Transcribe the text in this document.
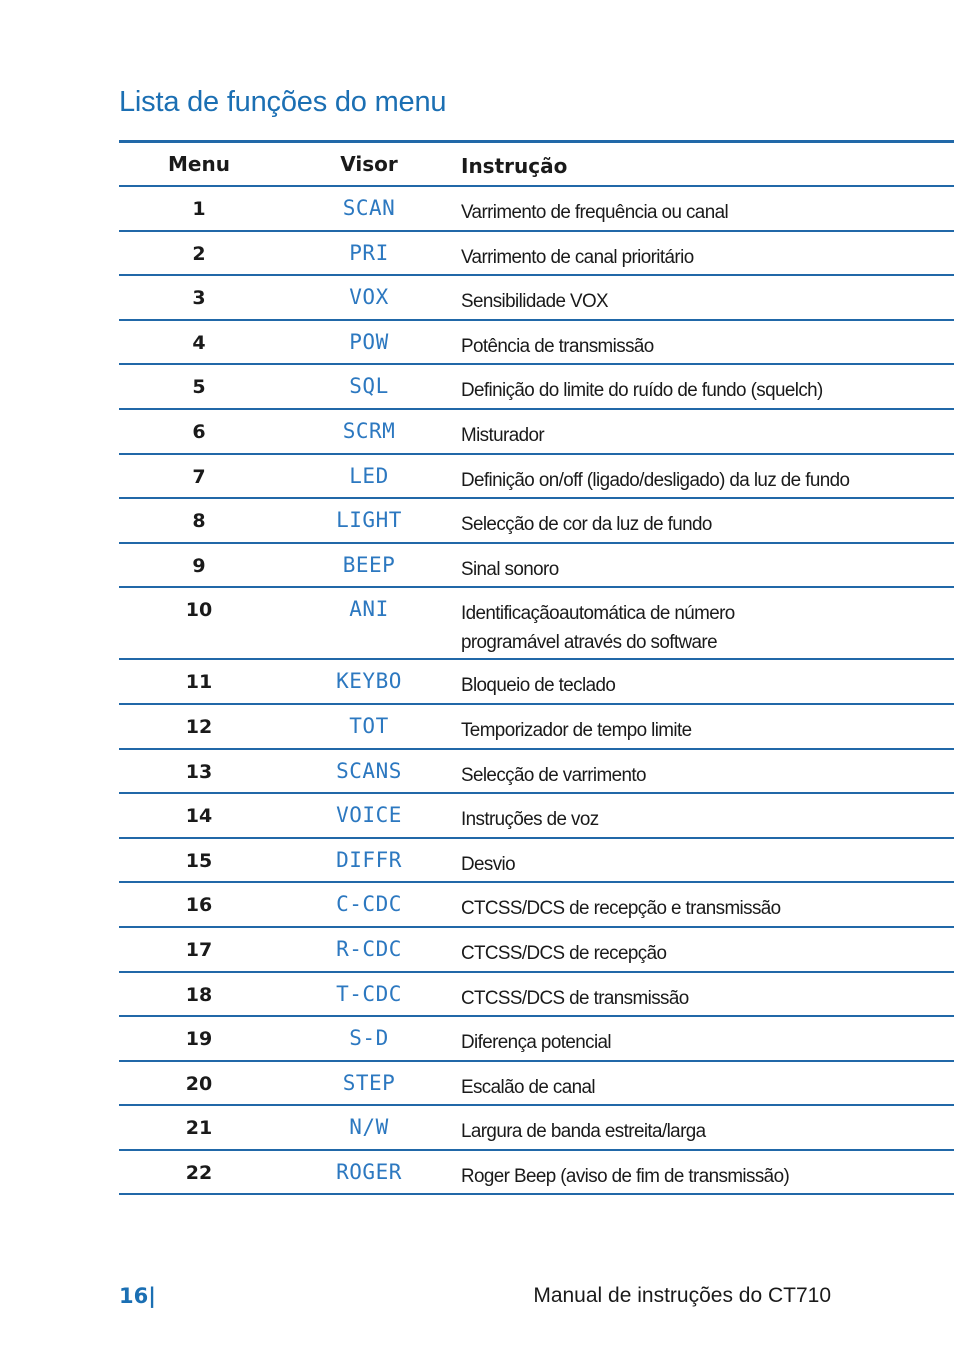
Lista de funções do menu
Menu	Visor	Instrução
1	SCAN	Varrimento de frequência ou canal
2	PRI	Varrimento de canal prioritário
3	VOX	Sensibilidade VOX
4	POW	Potência de transmissão
5	SQL	Definição do limite do ruído de fundo (squelch)
6	SCRM	Misturador
7	LED	Definição on/off (ligado/desligado) da luz de fundo
8	LIGHT	Selecção de cor da luz de fundo
9	BEEP	Sinal sonoro
10	ANI	Identificaçãoautomática de número
programável através do software
11	KEYBO	Bloqueio de teclado
12	TOT	Temporizador de tempo limite
13	SCANS	Selecção de varrimento
14	VOICE	Instruções de voz
15	DIFFR	Desvio
16	C-CDC	CTCSS/DCS de recepção e transmissão
17	R-CDC	CTCSS/DCS de recepção
18	T-CDC	CTCSS/DCS de transmissão
19	S-D	Diferença potencial
20	STEP	Escalão de canal
21	N/W	Largura de banda estreita/larga
22	ROGER	Roger Beep (aviso de fim de transmissão)
16|	Manual de instruções do CT710
